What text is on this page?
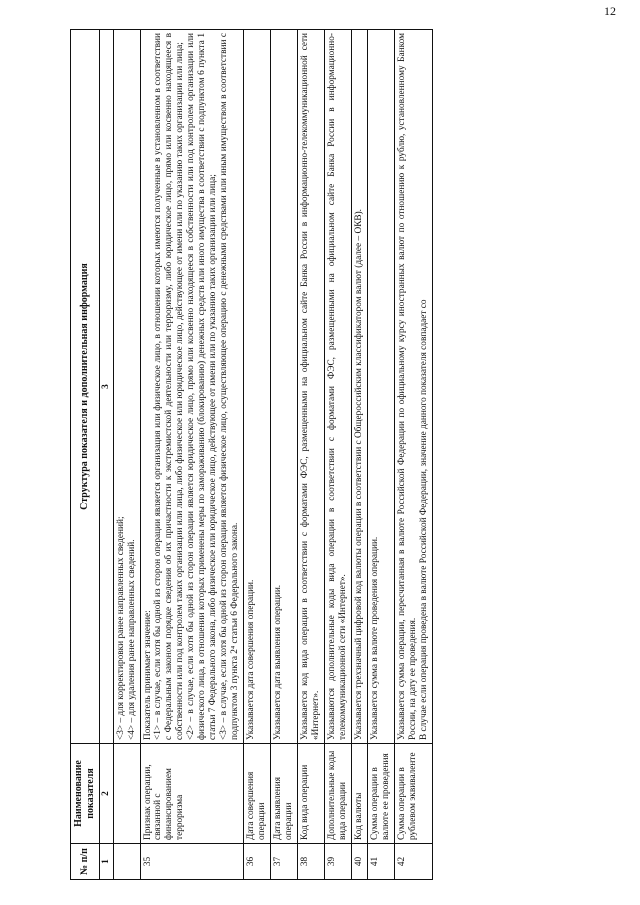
12
№ п/п	Наименование показателя	Структура показателя и дополнительная информация
1	2	3

		<3> – для корректировки ранее направленных сведений; <4> – для удаления ранее направленных сведений.

35	Признак операции, связанной с финансированием терроризма	Показатель принимает значение: <1> – в случае, если хотя бы одной из сторон операции является организация или физическое лицо, в отношении которых имеются полученные в установленном в соответствии с Федеральным законом порядке сведения об их причастности к экстремистской деятельности или терроризму, либо юридическое лицо, прямо или косвенно находящееся в собственности или под контролем таких организации или лица, либо физическое или юридическое лицо, действующее от имени или по указанию таких организации или лица; <2> – в случае, если хотя бы одной из сторон операции является юридическое лицо, прямо или косвенно находящееся в собственности или под контролем организации или физического лица, в отношении которых применены меры по замораживанию (блокированию) денежных средств или иного имущества в соответствии с подпунктом 6 пункта 1 статьи 7 Федерального закона, либо физическое или юридическое лицо, действующее от имени или по указанию таких организации или лица; <3> – в случае, если хотя бы одной из сторон операции является физическое лицо, осуществляющее операцию с денежными средствами или иным имуществом в соответствии с подпунктом 3 пункта 2⁴ статьи 6 Федерального закона.

36	Дата совершения операции	Указывается дата совершения операции.

37	Дата выявления операции	Указывается дата выявления операции.

38	Код вида операции	Указывается код вида операции в соответствии с форматами ФЭС, размещенными на официальном сайте Банка России в информационно-телекоммуникационной сети «Интернет».

39	Дополнительные коды вида операции	Указываются дополнительные коды вида операции в соответствии с форматами ФЭС, размещенными на официальном сайте Банка России в информационно-телекоммуникационной сети «Интернет».

40	Код валюты	Указывается трехзначный цифровой код валюты операции в соответствии с Общероссийским классификатором валют (далее – ОКВ).

41	Сумма операции в валюте ее проведения	Указывается сумма в валюте проведения операции.

42	Сумма операции в рублевом эквиваленте	Указывается сумма операции, пересчитанная в валюте Российской Федерации по официальному курсу иностранных валют по отношению к рублю, установленному Банком России, на дату ее проведения. В случае если операция проведена в валюте Российской Федерации, значение данного показателя совпадает со
